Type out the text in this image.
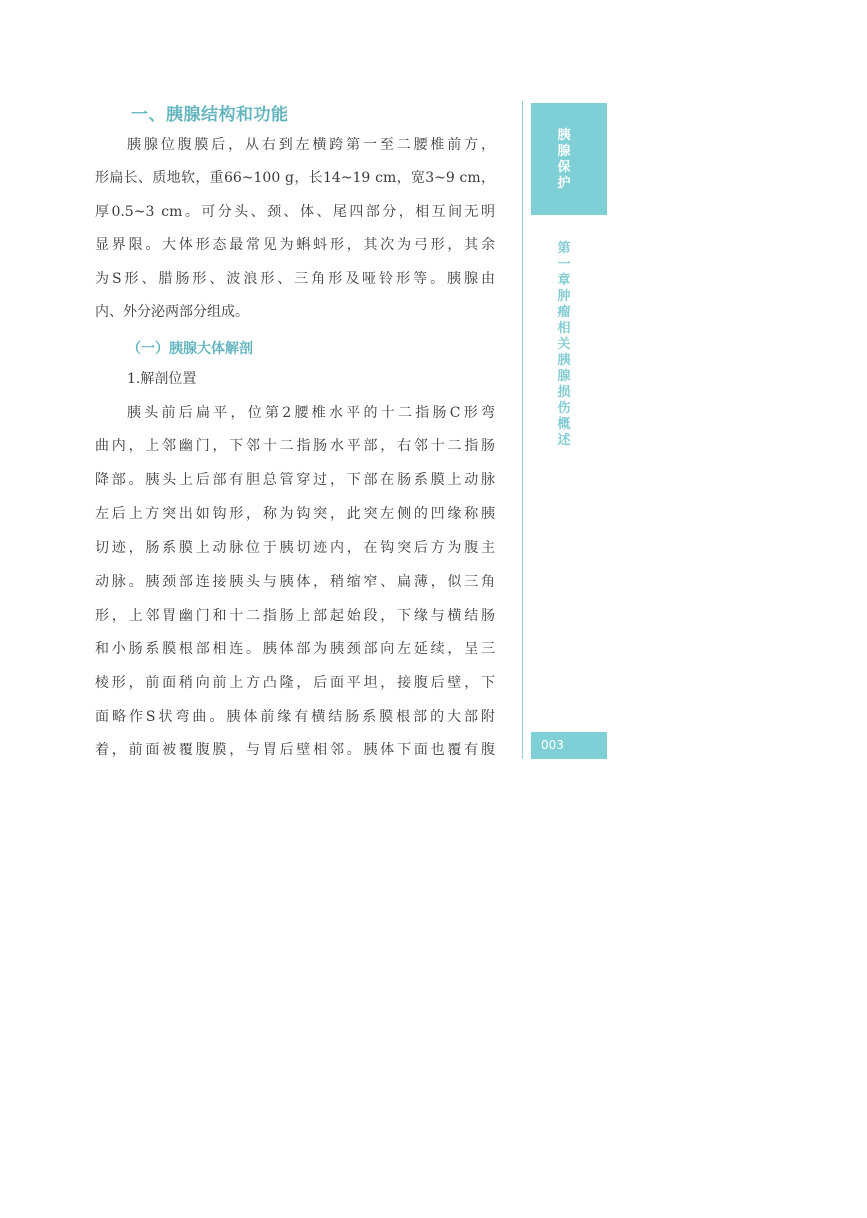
一、胰腺结构和功能
胰腺位腹膜后，从右到左横跨第一至二腰椎前方，
形扁长、质地软，重66~100 g，长14~19 cm，宽3~9 cm，
厚0.5~3 cm。可分头、颈、体、尾四部分，相互间无明
显界限。大体形态最常见为蝌蚪形，其次为弓形，其余
为S形、腊肠形、波浪形、三角形及哑铃形等。胰腺由
内、外分泌两部分组成。
（一）胰腺大体解剖
1.解剖位置
胰头前后扁平，位第2腰椎水平的十二指肠C形弯
曲内，上邻幽门，下邻十二指肠水平部，右邻十二指肠
降部。胰头上后部有胆总管穿过，下部在肠系膜上动脉
左后上方突出如钩形，称为钩突，此突左侧的凹缘称胰
切迹，肠系膜上动脉位于胰切迹内，在钩突后方为腹主
动脉。胰颈部连接胰头与胰体，稍缩窄、扁薄，似三角
形，上邻胃幽门和十二指肠上部起始段，下缘与横结肠
和小肠系膜根部相连。胰体部为胰颈部向左延续，呈三
棱形，前面稍向前上方凸隆，后面平坦，接腹后壁，下
面略作S状弯曲。胰体前缘有横结肠系膜根部的大部附
着，前面被覆腹膜，与胃后壁相邻。胰体下面也覆有腹
胰腺保护
第一章 肿瘤相关胰腺损伤概述
003
